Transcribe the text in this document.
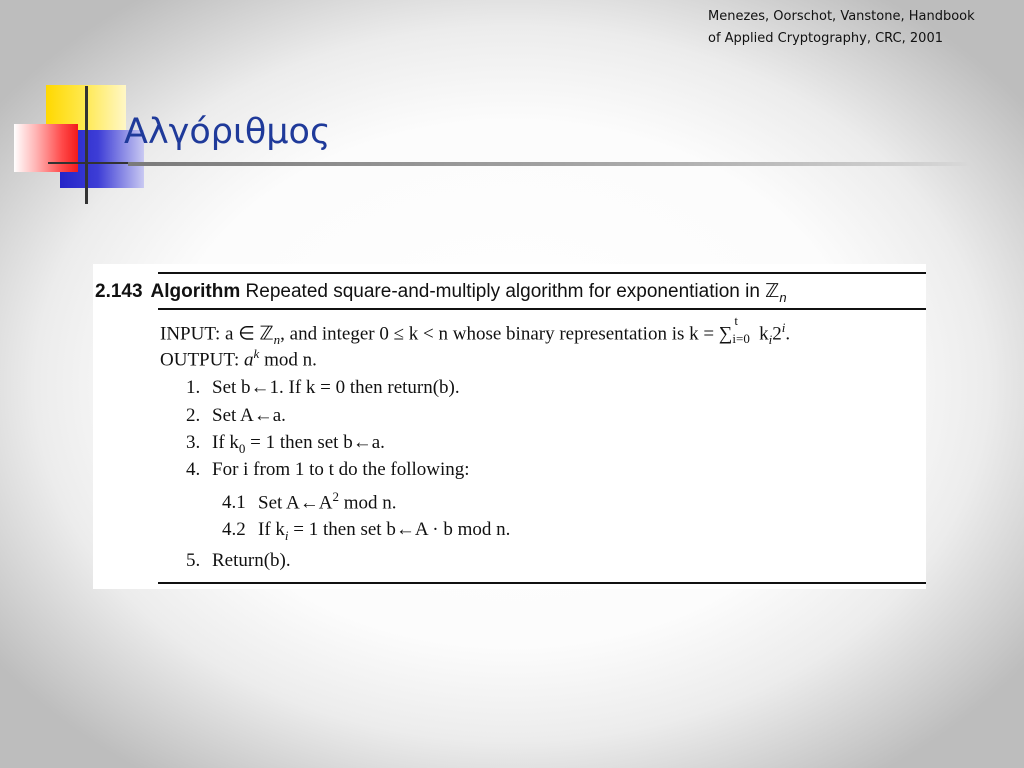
Menezes, Oorschot, Vanstone, Handbook
of Applied Cryptography, CRC, 2001
Αλγόριθμος
2.143 Algorithm Repeated square-and-multiply algorithm for exponentiation in ℤ$_n$
INPUT: a ∈ ℤ$_n$, and integer 0 ≤ k < n whose binary representation is k = ∑
t
i=0 $k_i2^i$.
OUTPUT: $a^k$ mod n.
1. Set b←1. If k = 0 then return(b).
2. Set A←a.
3. If $k_0 = 1$ then set b←a.
4. For i from 1 to t do the following:
4.1 Set $A\leftarrow A^2$ mod n.
4.2 If $k_i = 1$ then set b←A · b mod n.
5. Return(b).
